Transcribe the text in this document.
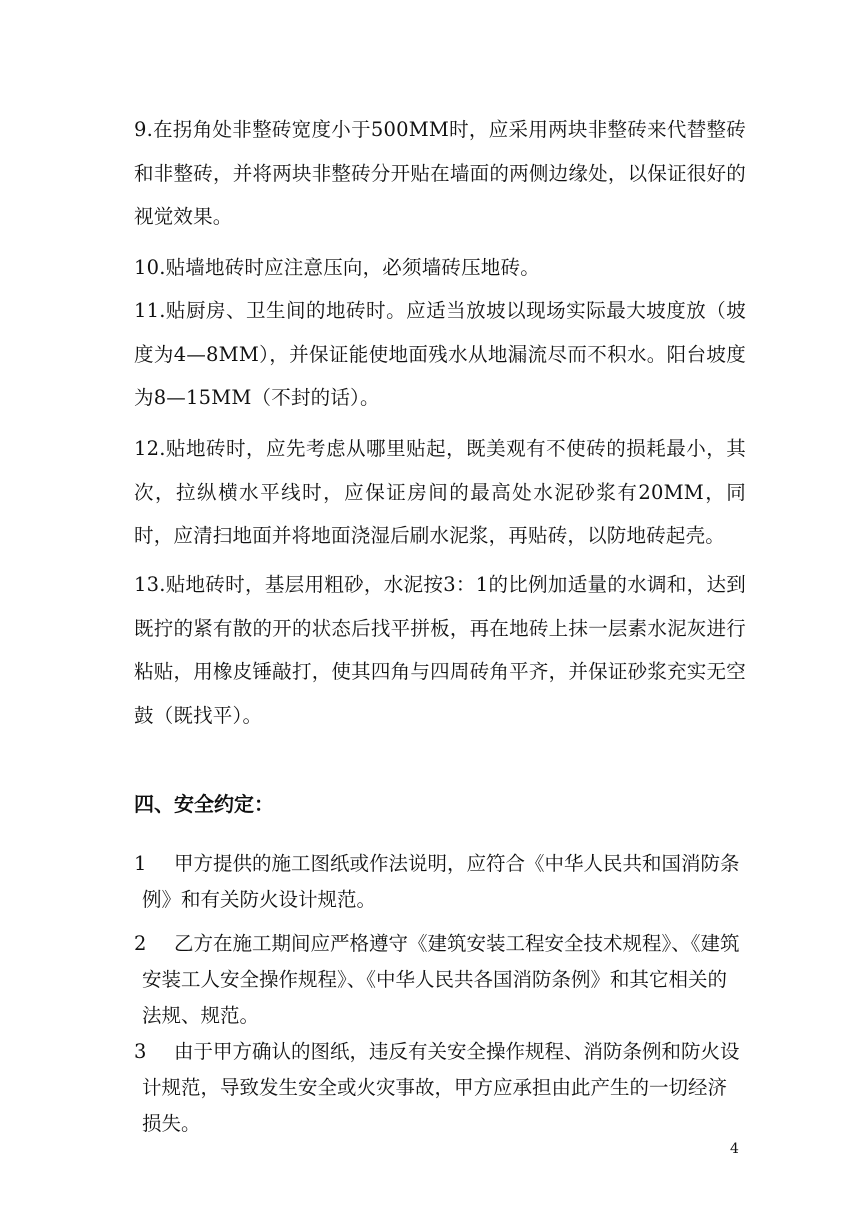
9.在拐角处非整砖宽度小于500MM时，应采用两块非整砖来代替整砖和非整砖，并将两块非整砖分开贴在墙面的两侧边缘处，以保证很好的视觉效果。

10.贴墙地砖时应注意压向，必须墙砖压地砖。

11.贴厨房、卫生间的地砖时。应适当放坡以现场实际最大坡度放（坡度为4—8MM），并保证能使地面残水从地漏流尽而不积水。阳台坡度为8—15MM（不封的话）。

12.贴地砖时，应先考虑从哪里贴起，既美观有不使砖的损耗最小，其次，拉纵横水平线时，应保证房间的最高处水泥砂浆有20MM，同时，应清扫地面并将地面浇湿后刷水泥浆，再贴砖，以防地砖起壳。

13.贴地砖时，基层用粗砂，水泥按3：1的比例加适量的水调和，达到既拧的紧有散的开的状态后找平拼板，再在地砖上抹一层素水泥灰进行粘贴，用橡皮锤敲打，使其四角与四周砖角平齐，并保证砂浆充实无空鼓（既找平）。

四、安全约定：
1	甲方提供的施工图纸或作法说明，应符合《中华人民共和国消防条例》和有关防火设计规范。
2	乙方在施工期间应严格遵守《建筑安装工程安全技术规程》、《建筑安装工人安全操作规程》、《中华人民共各国消防条例》和其它相关的法规、规范。
3	由于甲方确认的图纸，违反有关安全操作规程、消防条例和防火设计规范，导致发生安全或火灾事故，甲方应承担由此产生的一切经济损失。
4
